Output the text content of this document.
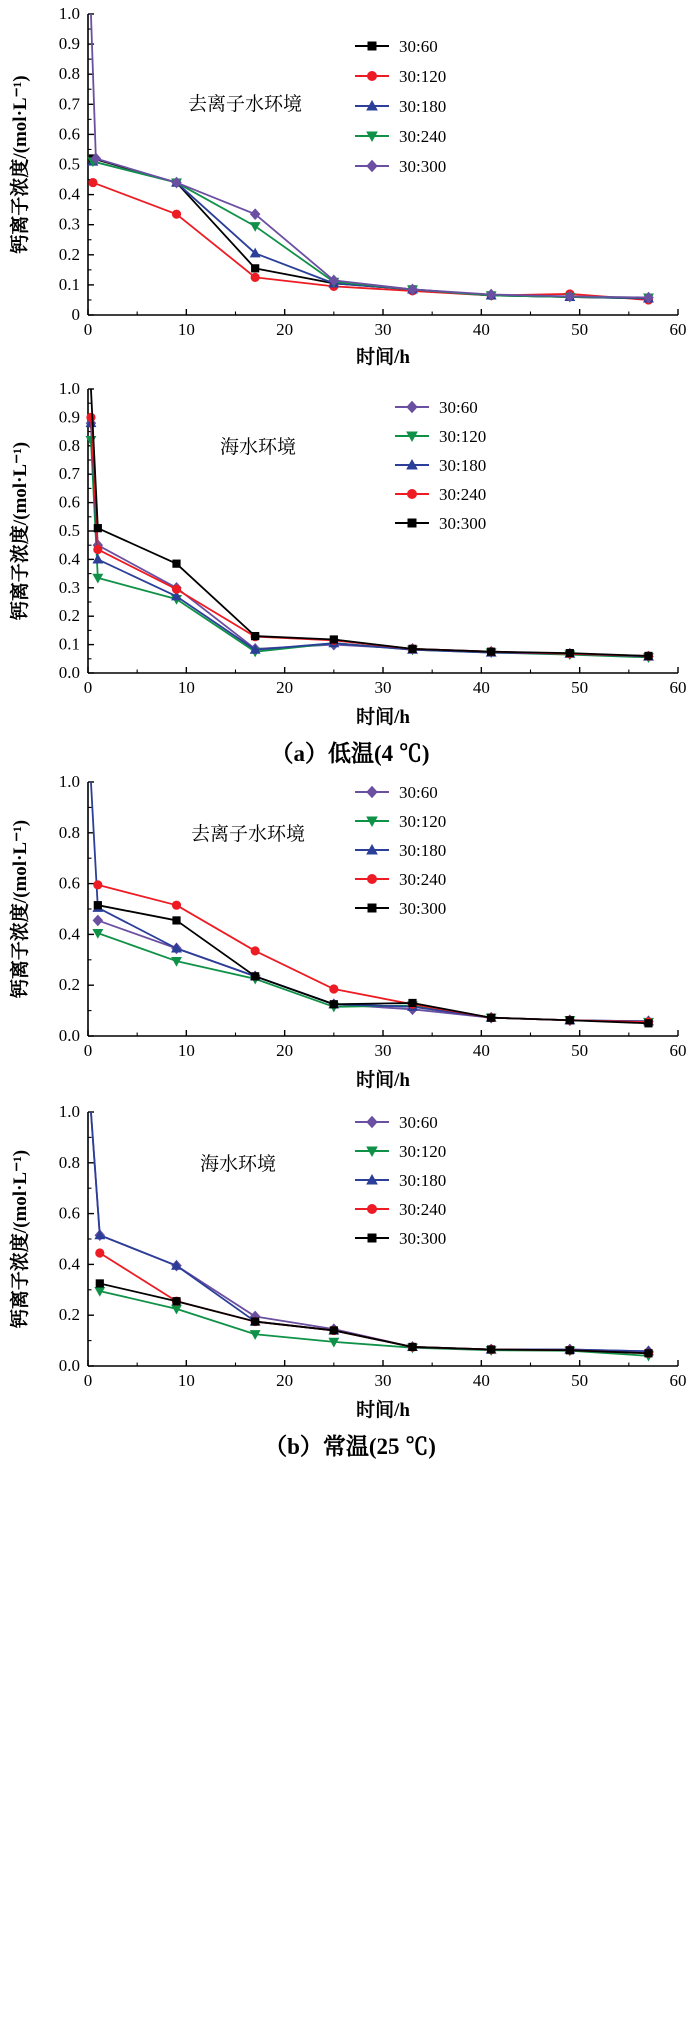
0	10	20	30	40	50	60
0
0.1
0.2
0.3
0.4
0.5
0.6
0.7
0.8
0.9
1.0
时间/h
钙离子浓度/(mol·L⁻¹)	去离子水环境
30:60
30:120
30:180
30:240
30:300
0	10	20	30	40	50	60
0.0
0.1
0.2
0.3
0.4
0.5
0.6
0.7
0.8
0.9
1.0
时间/h
钙离子浓度/(mol·L⁻¹)	海水环境
30:60
30:120
30:180
30:240
30:300
（a）低温(4 ℃)
0	10	20	30	40	50	60
0.0
0.2
0.4
0.6
0.8
1.0
时间/h
钙离子浓度/(mol·L⁻¹)	去离子水环境
30:60
30:120
30:180
30:240
30:300
0	10	20	30	40	50	60
0.0
0.2
0.4
0.6
0.8
1.0
时间/h
钙离子浓度/(mol·L⁻¹)	海水环境
30:60
30:120
30:180
30:240
30:300
（b）常温(25 ℃)
